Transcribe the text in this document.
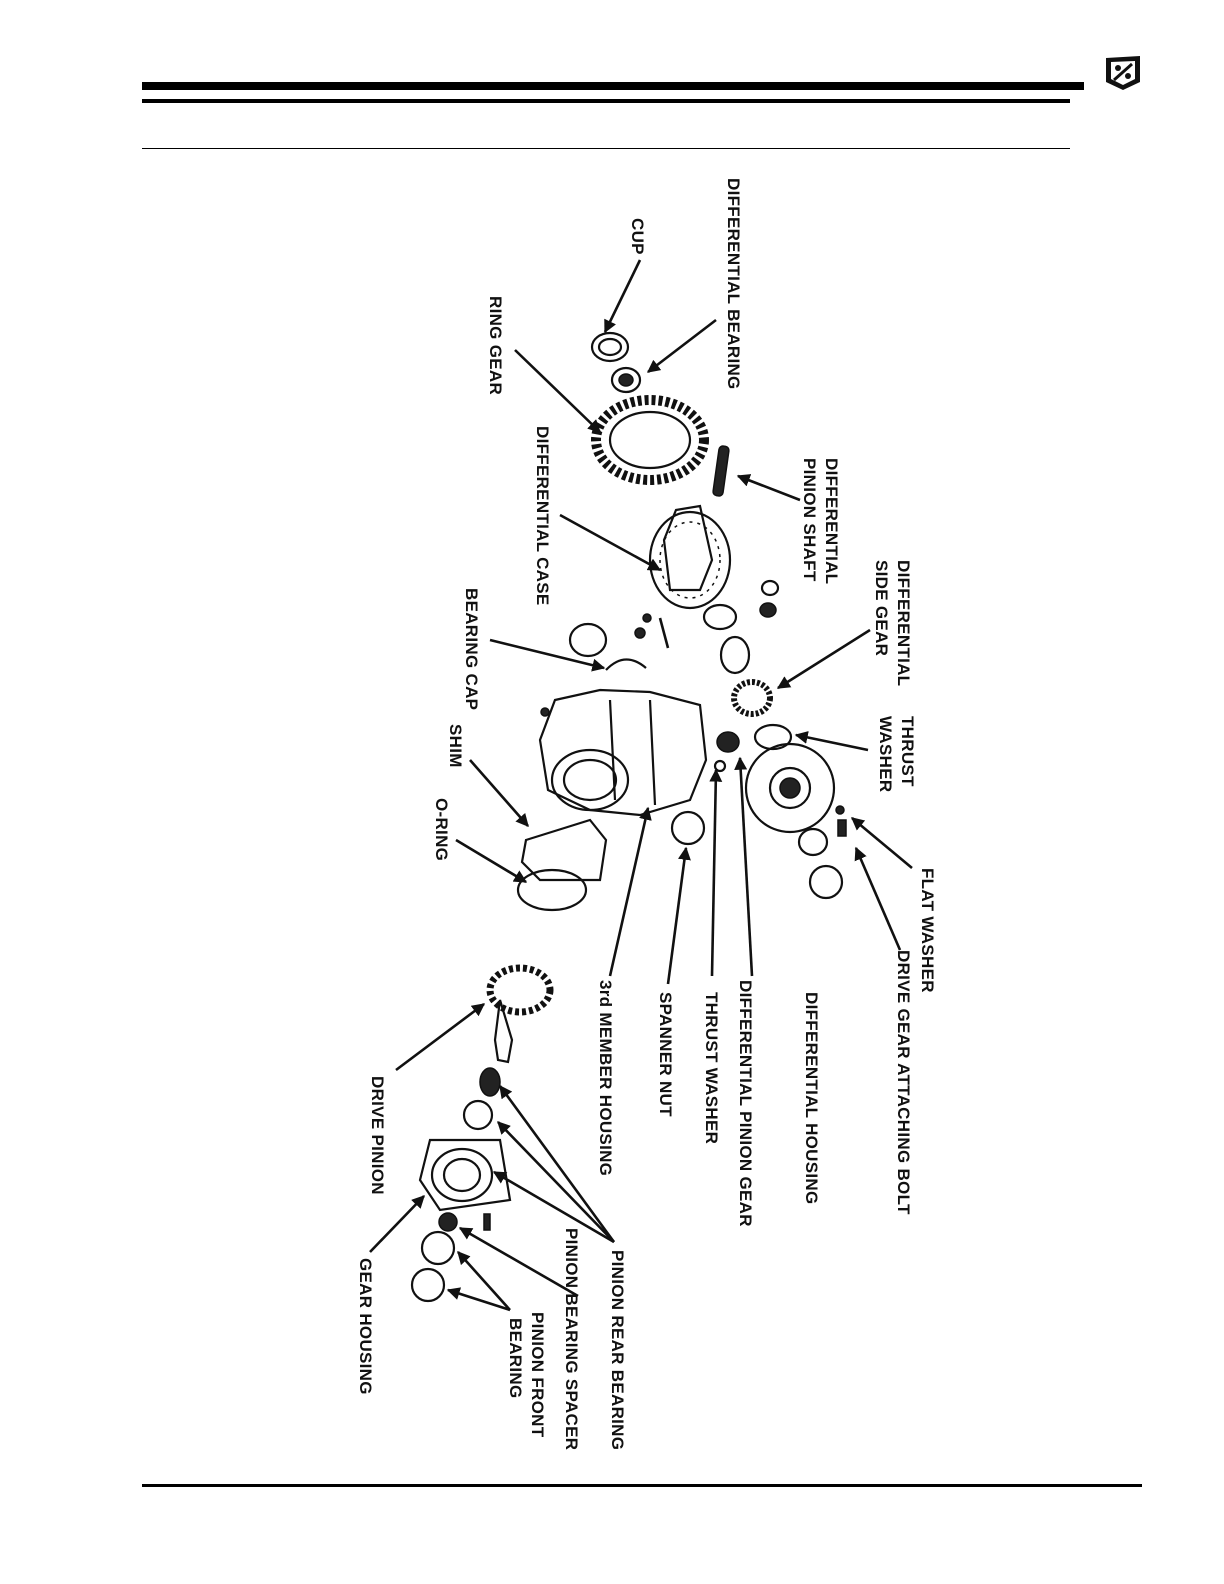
DIFFERENTIAL BEARING
CUP
RING GEAR
DIFFERENTIAL CASE	DIFFERENTIAL
PINION SHAFT
DIFFERENTIAL
SIDE GEAR
BEARING CAP
THRUST
WASHER
SHIM
O-RING
FLAT WASHER
DRIVE GEAR ATTACHING BOLT
DIFFERENTIAL HOUSING
DIFFERENTIAL PINION GEAR
THRUST WASHER
SPANNER NUT
3rd MEMBER HOUSING
DRIVE PINION
PINION REAR BEARING
PINION BEARING SPACER
PINION FRONT
BEARING
GEAR HOUSING
